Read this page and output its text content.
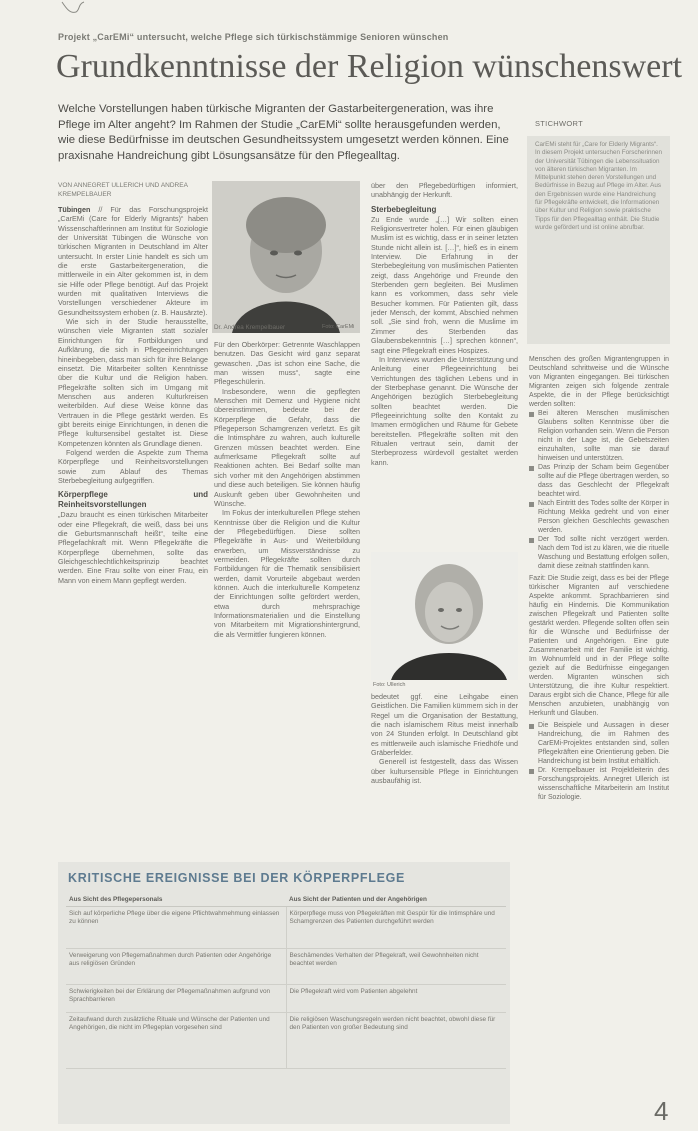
Projekt „CarEMi“ untersucht, welche Pflege sich türkischstämmige Senioren wünschen
Grundkenntnisse der Religion wünschenswert
Welche Vorstellungen haben türkische Migranten der Gastarbeitergeneration, was ihre Pflege im Alter angeht? Im Rahmen der Studie „CarEMi“ sollte herausgefunden werden, wie diese Bedürfnisse im deutschen Gesundheitssystem umgesetzt werden können. Eine praxisnahe Handreichung gibt Lösungsansätze für den Pflegealltag.
VON ANNEGRET ULLERICH UND ANDREA KREMPELBAUER

Tübingen // Für das Forschungsprojekt „CarEMi (Care for Elderly Migrants)“ haben Wissenschaftlerinnen am Institut für Soziologie der Universität Tübingen die Wünsche von türkischen Migranten in Deutschland im Alter untersucht. In erster Linie handelt es sich um die erste Gastarbeitergeneration, die mittlerweile in ein Alter gekommen ist, in dem sie Hilfe oder Pflege benötigt. Auf das Projekt wurden mit qualitativen Interviews die Vorstellungen verschiedener Akteure im Gesundheitssystem erhoben (z. B. Hausärzte).

Wie sich in der Studie herausstellte, wünschen viele Migranten statt sozialer Einrichtungen für Fortbildungen und Aufklärung, die sich in Pflegeeinrichtungen hineinbegeben, dass man sich für ihre Belange einsetzt. Die Mitarbeiter sollten Kenntnisse über die Kultur und die Religion haben. Pflegekräfte sollten sich im Umgang mit Menschen aus anderen Kulturkreisen weiterbilden. Auf diese Weise könne das Vertrauen in die Pflege gestärkt werden. Es gibt bereits einige Einrichtungen, in denen die Pflege kultursensibel gestaltet ist. Diese Kompetenzen könnten als Grundlage dienen.

Folgend werden die Aspekte zum Thema Körperpflege und Reinheitsvorstellungen sowie zum Ablauf des Themas Sterbebegleitung aufgegriffen.

Körperpflege und Reinheitsvorstellungen

„Dazu braucht es einen türkischen Mitarbeiter oder eine Pflegekraft, die weiß, dass bei uns die Geburtsmannschaft heißt“, teilte eine Pflegefachkraft mit. Wenn Pflegekräfte die Körperpflege übernehmen, sollte das Gleichgeschlechtlichkeitsprinzip beachtet werden. Eine Frau sollte von einer Frau, ein Mann von einem Mann gepflegt werden.

Dr. Andrea Krempelbauer	Foto: CarEMi

Für den Oberkörper: Getrennte Waschlappen benutzen. Das Gesicht wird ganz separat gewaschen. „Das ist schon eine Sache, die man wissen muss“, sagte eine Pflegeschülerin.

Insbesondere, wenn die gepflegten Menschen mit Demenz und Hygiene nicht übereinstimmen, bedeute bei der Körperpflege die Gefahr, dass die Pflegeperson Schamgrenzen verletzt. Es gilt die Intimsphäre zu wahren, auch kulturelle Grenzen müssen beachtet werden. Eine aufmerksame Pflegekraft sollte auf Reaktionen achten. Bei Bedarf sollte man sich vorher mit den Angehörigen abstimmen und diese auch beteiligen. Sie können häufig Auskunft geben über Gewohnheiten und Wünsche.

Im Fokus der interkulturellen Pflege stehen Kenntnisse über die Religion und die Kultur der Pflegebedürftigen. Diese sollten Pflegekräfte in Aus- und Weiterbildung erwerben, um Missverständnisse zu vermeiden. Pflegekräfte sollten durch Fortbildungen für die Thematik sensibilisiert werden, damit Vorurteile abgebaut werden können. Auch die interkulturelle Kompetenz der Einrichtungen sollte gefördert werden, etwa durch mehrsprachige Informationsmaterialien und die Einstellung von Mitarbeitern mit Migrationshintergrund, die als Vermittler fungieren können.

über den Pflegebedürftigen informiert, unabhängig der Herkunft.

Sterbebegleitung

Zu Ende wurde „[…] Wir sollten einen Religionsvertreter holen. Für einen gläubigen Muslim ist es wichtig, dass er in seiner letzten Stunde nicht allein ist. […]“, hieß es in einem Interview. Die Erfahrung in der Sterbebegleitung von muslimischen Patienten zeigt, dass Angehörige und Freunde den Sterbenden gern begleiten. Bei Muslimen kann es vorkommen, dass sehr viele Besucher kommen. Für Patienten gilt, dass jeder Mensch, der kommt, Abschied nehmen soll. „Sie sind froh, wenn die Muslime im Zimmer des Sterbenden das Glaubensbekenntnis […] sprechen können“, sagt eine Pflegekraft eines Hospizes.

In Interviews wurden die Unterstützung und Anleitung einer Pflegeeinrichtung bei Verrichtungen des täglichen Lebens und in der Sterbephase genannt. Die Wünsche der Angehörigen bezüglich Sterbebegleitung sollten beachtet werden. Die Pflegeeinrichtung sollte den Kontakt zu Imamen ermöglichen und Räume für Gebete bereitstellen. Pflegekräfte sollten mit den Ritualen vertraut sein, damit der Sterbeprozess würdevoll gestaltet werden kann.

Foto: Ullerich

bedeutet ggf. eine Leihgabe einen Geistlichen. Die Familien kümmern sich in der Regel um die Organisation der Bestattung, die nach islamischem Ritus meist innerhalb von 24 Stunden erfolgt. In Deutschland gibt es mittlerweile auch islamische Friedhöfe und Gräberfelder.

Generell ist festgestellt, dass das Wissen über kultursensible Pflege in Einrichtungen ausbaufähig ist.

STICHWORT
CarEMi steht für „Care for Elderly Migrants“. In diesem Projekt untersuchen Forscherinnen der Universität Tübingen die Lebenssituation von älteren türkischen Migranten. Im Mittelpunkt stehen deren Vorstellungen und Bedürfnisse in Bezug auf Pflege im Alter. Aus den Ergebnissen wurde eine Handreichung für Pflegekräfte entwickelt, die Informationen über Kultur und Religion sowie praktische Tipps für den Pflegealltag enthält. Die Studie wurde gefördert und ist online abrufbar.

Menschen des großen Migrantengruppen in Deutschland schrittweise und die Wünsche von Migranten eingegangen. Bei türkischen Migranten zeigen sich folgende zentrale Aspekte, die in der Pflege berücksichtigt werden sollten:

Bei älteren Menschen muslimischen Glaubens sollten Kenntnisse über die Religion vorhanden sein. Wenn die Person nicht in der Lage ist, die Gebetszeiten einzuhalten, sollte man sie darauf hinweisen und unterstützen.
Das Prinzip der Scham beim Gegenüber sollte auf die Pflege übertragen werden, so dass das Geschlecht der Pflegekraft beachtet wird.
Nach Eintritt des Todes sollte der Körper in Richtung Mekka gedreht und von einer Person gleichen Geschlechts gewaschen werden.
Der Tod sollte nicht verzögert werden. Nach dem Tod ist zu klären, wie die rituelle Waschung und Bestattung erfolgen sollen, damit diese zeitnah stattfinden kann.

Fazit: Die Studie zeigt, dass es bei der Pflege türkischer Migranten auf verschiedene Aspekte ankommt. Sprachbarrieren sind häufig ein Hindernis. Die Kommunikation zwischen Pflegekraft und Patienten sollte gestärkt werden. Pflegende sollten offen sein für die Wünsche und Bedürfnisse der Patienten und Angehörigen. Eine gute Zusammenarbeit mit der Familie ist wichtig. Im Wohnumfeld und in der Pflege sollte gezielt auf die Bedürfnisse eingegangen werden. Migranten wünschen sich Unterstützung, die ihre Kultur respektiert. Daraus ergibt sich die Chance, Pflege für alle Menschen anzubieten, unabhängig von Herkunft und Glauben.

Die Beispiele und Aussagen in dieser Handreichung, die im Rahmen des CarEMi-Projektes entstanden sind, sollen Pflegekräften eine Orientierung geben. Die Handreichung ist beim Institut erhältlich.
Dr. Krempelbauer ist Projektleiterin des Forschungsprojekts. Annegret Ullerich ist wissenschaftliche Mitarbeiterin am Institut für Soziologie.
KRITISCHE EREIGNISSE BEI DER KÖRPERPFLEGE
Aus Sicht des Pflegepersonals	Aus Sicht der Patienten und der Angehörigen
Sich auf körperliche Pflege über die eigene Pflichtwahrnehmung einlassen zu können	Körperpflege muss von Pflegekräften mit Gespür für die Intimsphäre und Schamgrenzen des Patienten durchgeführt werden
Verweigerung von Pflegemaßnahmen durch Patienten oder Angehörige aus religiösen Gründen	Beschämendes Verhalten der Pflegekraft, weil Gewohnheiten nicht beachtet werden
Schwierigkeiten bei der Erklärung der Pflegemaßnahmen aufgrund von Sprachbarrieren	Die Pflegekraft wird vom Patienten abgelehnt
Zeitaufwand durch zusätzliche Rituale und Wünsche der Patienten und Angehörigen, die nicht im Pflegeplan vorgesehen sind	Die religiösen Waschungsregeln werden nicht beachtet, obwohl diese für den Patienten von großer Bedeutung sind
4
